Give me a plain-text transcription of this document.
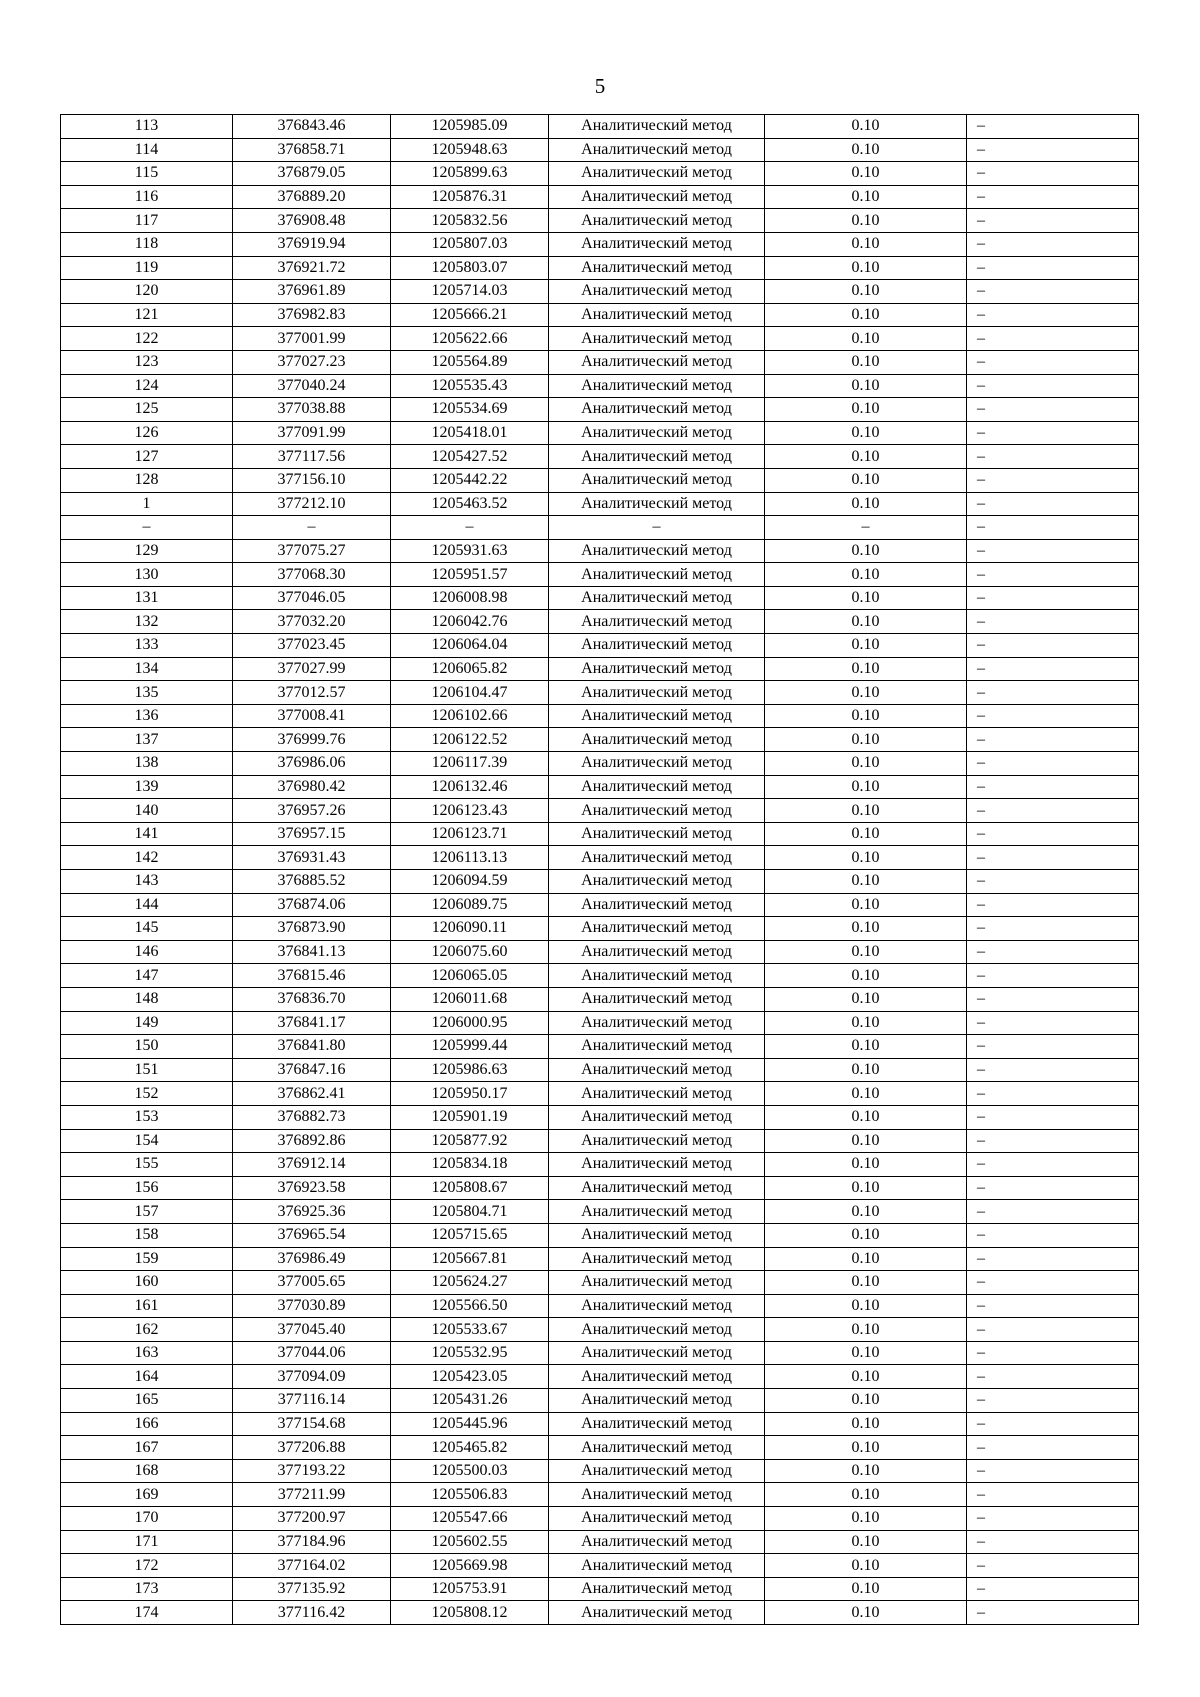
5
113	376843.46	1205985.09	Аналитический метод	0.10	–
114	376858.71	1205948.63	Аналитический метод	0.10	–
115	376879.05	1205899.63	Аналитический метод	0.10	–
116	376889.20	1205876.31	Аналитический метод	0.10	–
117	376908.48	1205832.56	Аналитический метод	0.10	–
118	376919.94	1205807.03	Аналитический метод	0.10	–
119	376921.72	1205803.07	Аналитический метод	0.10	–
120	376961.89	1205714.03	Аналитический метод	0.10	–
121	376982.83	1205666.21	Аналитический метод	0.10	–
122	377001.99	1205622.66	Аналитический метод	0.10	–
123	377027.23	1205564.89	Аналитический метод	0.10	–
124	377040.24	1205535.43	Аналитический метод	0.10	–
125	377038.88	1205534.69	Аналитический метод	0.10	–
126	377091.99	1205418.01	Аналитический метод	0.10	–
127	377117.56	1205427.52	Аналитический метод	0.10	–
128	377156.10	1205442.22	Аналитический метод	0.10	–
1	377212.10	1205463.52	Аналитический метод	0.10	–
–	–	–	–	–	–
129	377075.27	1205931.63	Аналитический метод	0.10	–
130	377068.30	1205951.57	Аналитический метод	0.10	–
131	377046.05	1206008.98	Аналитический метод	0.10	–
132	377032.20	1206042.76	Аналитический метод	0.10	–
133	377023.45	1206064.04	Аналитический метод	0.10	–
134	377027.99	1206065.82	Аналитический метод	0.10	–
135	377012.57	1206104.47	Аналитический метод	0.10	–
136	377008.41	1206102.66	Аналитический метод	0.10	–
137	376999.76	1206122.52	Аналитический метод	0.10	–
138	376986.06	1206117.39	Аналитический метод	0.10	–
139	376980.42	1206132.46	Аналитический метод	0.10	–
140	376957.26	1206123.43	Аналитический метод	0.10	–
141	376957.15	1206123.71	Аналитический метод	0.10	–
142	376931.43	1206113.13	Аналитический метод	0.10	–
143	376885.52	1206094.59	Аналитический метод	0.10	–
144	376874.06	1206089.75	Аналитический метод	0.10	–
145	376873.90	1206090.11	Аналитический метод	0.10	–
146	376841.13	1206075.60	Аналитический метод	0.10	–
147	376815.46	1206065.05	Аналитический метод	0.10	–
148	376836.70	1206011.68	Аналитический метод	0.10	–
149	376841.17	1206000.95	Аналитический метод	0.10	–
150	376841.80	1205999.44	Аналитический метод	0.10	–
151	376847.16	1205986.63	Аналитический метод	0.10	–
152	376862.41	1205950.17	Аналитический метод	0.10	–
153	376882.73	1205901.19	Аналитический метод	0.10	–
154	376892.86	1205877.92	Аналитический метод	0.10	–
155	376912.14	1205834.18	Аналитический метод	0.10	–
156	376923.58	1205808.67	Аналитический метод	0.10	–
157	376925.36	1205804.71	Аналитический метод	0.10	–
158	376965.54	1205715.65	Аналитический метод	0.10	–
159	376986.49	1205667.81	Аналитический метод	0.10	–
160	377005.65	1205624.27	Аналитический метод	0.10	–
161	377030.89	1205566.50	Аналитический метод	0.10	–
162	377045.40	1205533.67	Аналитический метод	0.10	–
163	377044.06	1205532.95	Аналитический метод	0.10	–
164	377094.09	1205423.05	Аналитический метод	0.10	–
165	377116.14	1205431.26	Аналитический метод	0.10	–
166	377154.68	1205445.96	Аналитический метод	0.10	–
167	377206.88	1205465.82	Аналитический метод	0.10	–
168	377193.22	1205500.03	Аналитический метод	0.10	–
169	377211.99	1205506.83	Аналитический метод	0.10	–
170	377200.97	1205547.66	Аналитический метод	0.10	–
171	377184.96	1205602.55	Аналитический метод	0.10	–
172	377164.02	1205669.98	Аналитический метод	0.10	–
173	377135.92	1205753.91	Аналитический метод	0.10	–
174	377116.42	1205808.12	Аналитический метод	0.10	–
